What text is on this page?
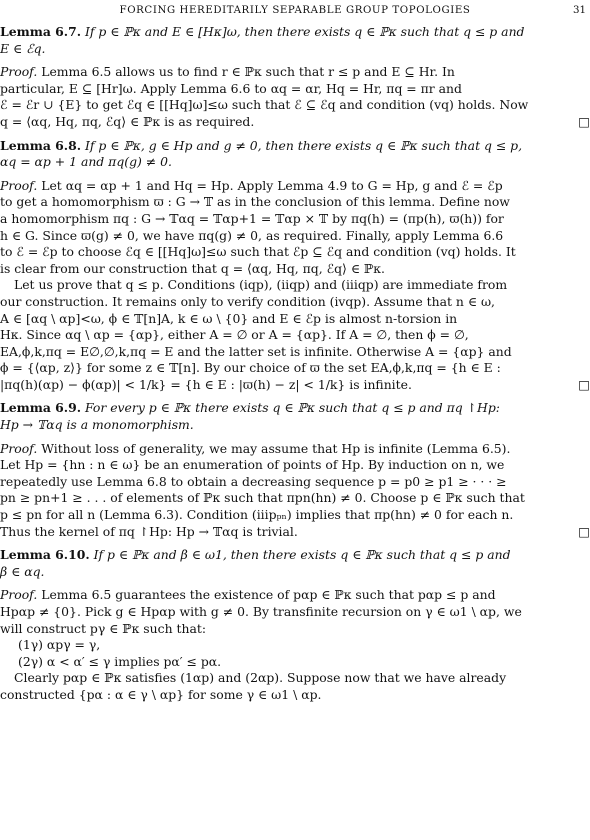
FORCING HEREDITARILY SEPARABLE GROUP TOPOLOGIES	31
Lemma 6.7. If p ∈ ℙκ and E ∈ [Hκ]ω, then there exists q ∈ ℙκ such that q ≤ p and
E ∈ ℰq.
Proof. Lemma 6.5 allows us to find r ∈ ℙκ such that r ≤ p and E ⊆ Hr. In
particular, E ⊆ [Hr]ω. Apply Lemma 6.6 to αq = αr, Hq = Hr, πq = πr and
ℰ = ℰr ∪ {E} to get ℰq ∈ [[Hq]ω]≤ω such that ℰ ⊆ ℰq and condition (vq) holds. Now
q = ⟨αq, Hq, πq, ℰq⟩ ∈ ℙκ is as required.	□
Lemma 6.8. If p ∈ ℙκ, g ∈ Hp and g ≠ 0, then there exists q ∈ ℙκ such that q ≤ p,
αq = αp + 1 and πq(g) ≠ 0.
Proof. Let αq = αp + 1 and Hq = Hp. Apply Lemma 4.9 to G = Hp, g and ℰ = ℰp
to get a homomorphism ϖ : G → 𝕋 as in the conclusion of this lemma. Define now
a homomorphism πq : G → 𝕋αq = 𝕋αp+1 = 𝕋αp × 𝕋 by πq(h) = (πp(h), ϖ(h)) for
h ∈ G. Since ϖ(g) ≠ 0, we have πq(g) ≠ 0, as required. Finally, apply Lemma 6.6
to ℰ = ℰp to choose ℰq ∈ [[Hq]ω]≤ω such that ℰp ⊆ ℰq and condition (vq) holds. It
is clear from our construction that q = ⟨αq, Hq, πq, ℰq⟩ ∈ ℙκ.
Let us prove that q ≤ p. Conditions (iqp), (iiqp) and (iiiqp) are immediate from
our construction. It remains only to verify condition (ivqp). Assume that n ∈ ω,
A ∈ [αq \ αp]<ω, ϕ ∈ 𝕋[n]A, k ∈ ω \ {0} and E ∈ ℰp is almost n-torsion in
Hκ. Since αq \ αp = {αp}, either A = ∅ or A = {αp}. If A = ∅, then ϕ = ∅,
EA,ϕ,k,πq = E∅,∅,k,πq = E and the latter set is infinite. Otherwise A = {αp} and
ϕ = {⟨αp, z⟩} for some z ∈ 𝕋[n]. By our choice of ϖ the set EA,ϕ,k,πq = {h ∈ E :
|πq(h)(αp) − ϕ(αp)| < 1/k} = {h ∈ E : |ϖ(h) − z| < 1/k} is infinite.	□
Lemma 6.9. For every p ∈ ℙκ there exists q ∈ ℙκ such that q ≤ p and πq ↾Hp:
Hp → 𝕋αq is a monomorphism.
Proof. Without loss of generality, we may assume that Hp is infinite (Lemma 6.5).
Let Hp = {hn : n ∈ ω} be an enumeration of points of Hp. By induction on n, we
repeatedly use Lemma 6.8 to obtain a decreasing sequence p = p0 ≥ p1 ≥ · · · ≥
pn ≥ pn+1 ≥ . . . of elements of ℙκ such that πpn(hn) ≠ 0. Choose p ∈ ℙκ such that
p ≤ pn for all n (Lemma 6.3). Condition (iiipₚₙ) implies that πp(hn) ≠ 0 for each n.
Thus the kernel of πq ↾Hp: Hp → 𝕋αq is trivial.	□
Lemma 6.10. If p ∈ ℙκ and β ∈ ω1, then there exists q ∈ ℙκ such that q ≤ p and
β ∈ αq.
Proof. Lemma 6.5 guarantees the existence of pαp ∈ ℙκ such that pαp ≤ p and
Hpαp ≠ {0}. Pick g ∈ Hpαp with g ≠ 0. By transfinite recursion on γ ∈ ω1 \ αp, we
will construct pγ ∈ ℙκ such that:
(1γ) αpγ = γ,
(2γ) α < α′ ≤ γ implies pα′ ≤ pα.
Clearly pαp ∈ ℙκ satisfies (1αp) and (2αp). Suppose now that we have already
constructed {pα : α ∈ γ \ αp} for some γ ∈ ω1 \ αp.
